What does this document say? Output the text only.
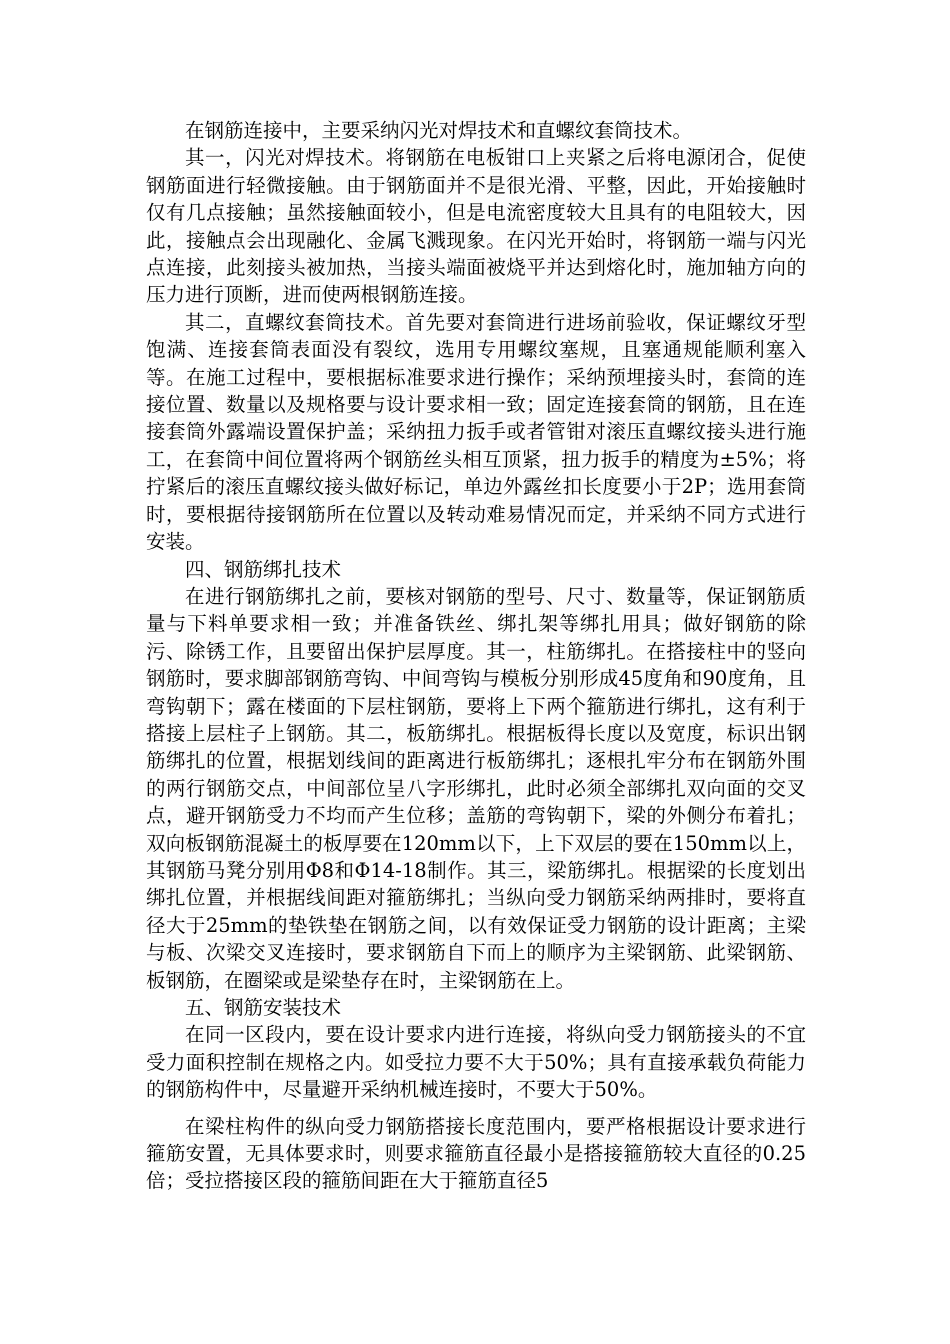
在钢筋连接中，主要采纳闪光对焊技术和直螺纹套筒技术。

其一，闪光对焊技术。将钢筋在电板钳口上夹紧之后将电源闭合，促使钢筋面进行轻微接触。由于钢筋面并不是很光滑、平整，因此，开始接触时仅有几点接触；虽然接触面较小，但是电流密度较大且具有的电阻较大，因此，接触点会出现融化、金属飞溅现象。在闪光开始时，将钢筋一端与闪光点连接，此刻接头被加热，当接头端面被烧平并达到熔化时，施加轴方向的压力进行顶断，进而使两根钢筋连接。

其二，直螺纹套筒技术。首先要对套筒进行进场前验收，保证螺纹牙型饱满、连接套筒表面没有裂纹，选用专用螺纹塞规，且塞通规能顺利塞入等。在施工过程中，要根据标准要求进行操作；采纳预埋接头时，套筒的连接位置、数量以及规格要与设计要求相一致；固定连接套筒的钢筋，且在连接套筒外露端设置保护盖；采纳扭力扳手或者管钳对滚压直螺纹接头进行施工，在套筒中间位置将两个钢筋丝头相互顶紧，扭力扳手的精度为±5%；将拧紧后的滚压直螺纹接头做好标记，单边外露丝扣长度要小于2P；选用套筒时，要根据待接钢筋所在位置以及转动难易情况而定，并采纳不同方式进行安装。

四、钢筋绑扎技术

在进行钢筋绑扎之前，要核对钢筋的型号、尺寸、数量等，保证钢筋质量与下料单要求相一致；并准备铁丝、绑扎架等绑扎用具；做好钢筋的除污、除锈工作，且要留出保护层厚度。其一，柱筋绑扎。在搭接柱中的竖向钢筋时，要求脚部钢筋弯钩、中间弯钩与模板分别形成45度角和90度角，且弯钩朝下；露在楼面的下层柱钢筋，要将上下两个箍筋进行绑扎，这有利于搭接上层柱子上钢筋。其二，板筋绑扎。根据板得长度以及宽度，标识出钢筋绑扎的位置，根据划线间的距离进行板筋绑扎；逐根扎牢分布在钢筋外围的两行钢筋交点，中间部位呈八字形绑扎，此时必须全部绑扎双向面的交叉点，避开钢筋受力不均而产生位移；盖筋的弯钩朝下，梁的外侧分布着扎；双向板钢筋混凝土的板厚要在120mm以下，上下双层的要在150mm以上，其钢筋马凳分别用Φ8和Φ14-18制作。其三，梁筋绑扎。根据梁的长度划出绑扎位置，并根据线间距对箍筋绑扎；当纵向受力钢筋采纳两排时，要将直径大于25mm的垫铁垫在钢筋之间，以有效保证受力钢筋的设计距离；主梁与板、次梁交叉连接时，要求钢筋自下而上的顺序为主梁钢筋、此梁钢筋、板钢筋，在圈梁或是梁垫存在时，主梁钢筋在上。

五、钢筋安装技术

在同一区段内，要在设计要求内进行连接，将纵向受力钢筋接头的不宜受力面积控制在规格之内。如受拉力要不大于50%；具有直接承载负荷能力的钢筋构件中，尽量避开采纳机械连接时，不要大于50%。

在梁柱构件的纵向受力钢筋搭接长度范围内，要严格根据设计要求进行箍筋安置，无具体要求时，则要求箍筋直径最小是搭接箍筋较大直径的0.25倍；受拉搭接区段的箍筋间距在大于箍筋直径5
